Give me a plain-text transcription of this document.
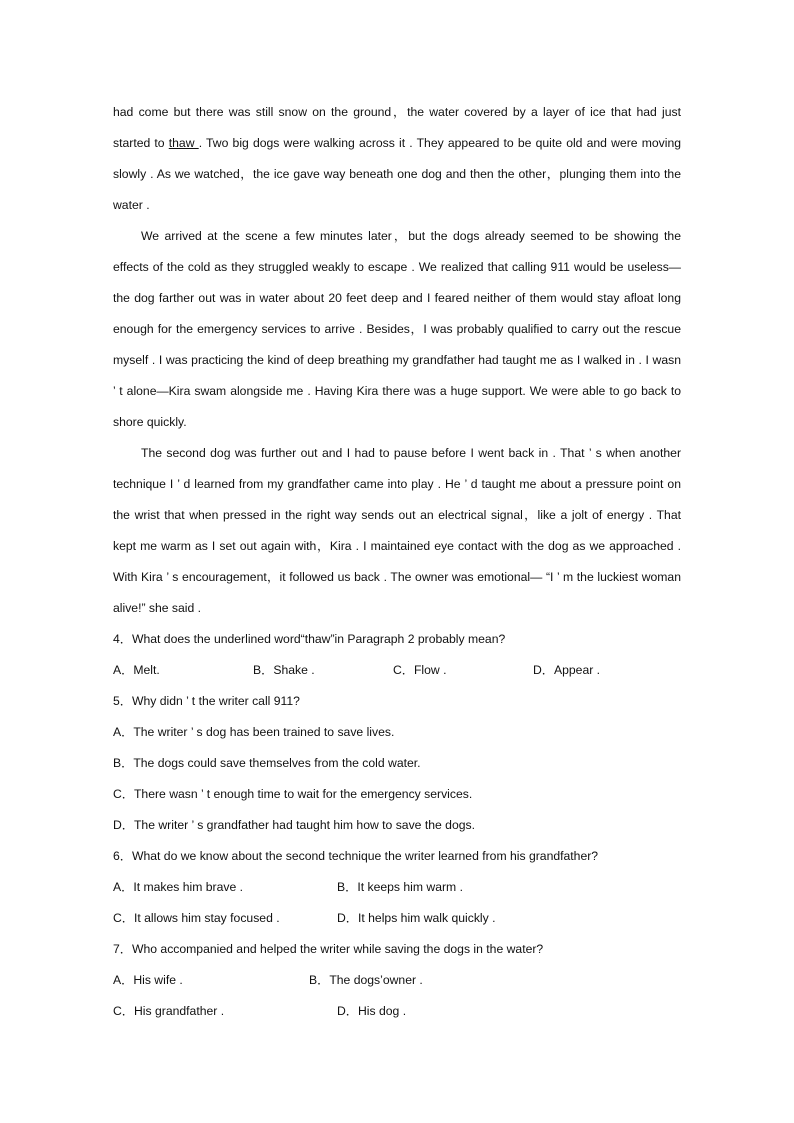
had come but there was still snow on the ground，the water covered by a layer of ice that had just started to thaw . Two big dogs were walking across it . They appeared to be quite old and were moving slowly . As we watched，the ice gave way beneath one dog and then the other，plunging them into the water .

We arrived at the scene a few minutes later，but the dogs already seemed to be showing the effects of the cold as they struggled weakly to escape . We realized that calling 911 would be useless—the dog farther out was in water about 20 feet deep and I feared neither of them would stay afloat long enough for the emergency services to arrive . Besides，I was probably qualified to carry out the rescue myself . I was practicing the kind of deep breathing my grandfather had taught me as I walked in . I wasn ’ t alone—Kira swam alongside me . Having Kira there was a huge support. We were able to go back to shore quickly.

The second dog was further out and I had to pause before I went back in . That ’ s when another technique I ’ d learned from my grandfather came into play . He ’ d taught me about a pressure point on the wrist that when pressed in the right way sends out an electrical signal，like a jolt of energy . That kept me warm as I set out again with，Kira . I maintained eye contact with the dog as we approached . With Kira ’ s encouragement，it followed us back . The owner was emotional— “I ’ m the luckiest woman alive!” she said .

4．What does the underlined word“thaw”in Paragraph 2 probably mean?

A．Melt.	B．Shake .	C．Flow .	D．Appear .

5．Why didn ’ t the writer call 911?

A．The writer ’ s dog has been trained to save lives.

B．The dogs could save themselves from the cold water.

C．There wasn ’ t enough time to wait for the emergency services.

D．The writer ’ s grandfather had taught him how to save the dogs.

6．What do we know about the second technique the writer learned from his grandfather?

A．It makes him brave .	B．It keeps him warm .
C．It allows him stay focused .	D．It helps him walk quickly .

7．Who accompanied and helped the writer while saving the dogs in the water?

A．His wife .	B．The dogs’owner .
C．His grandfather .	D．His dog .
